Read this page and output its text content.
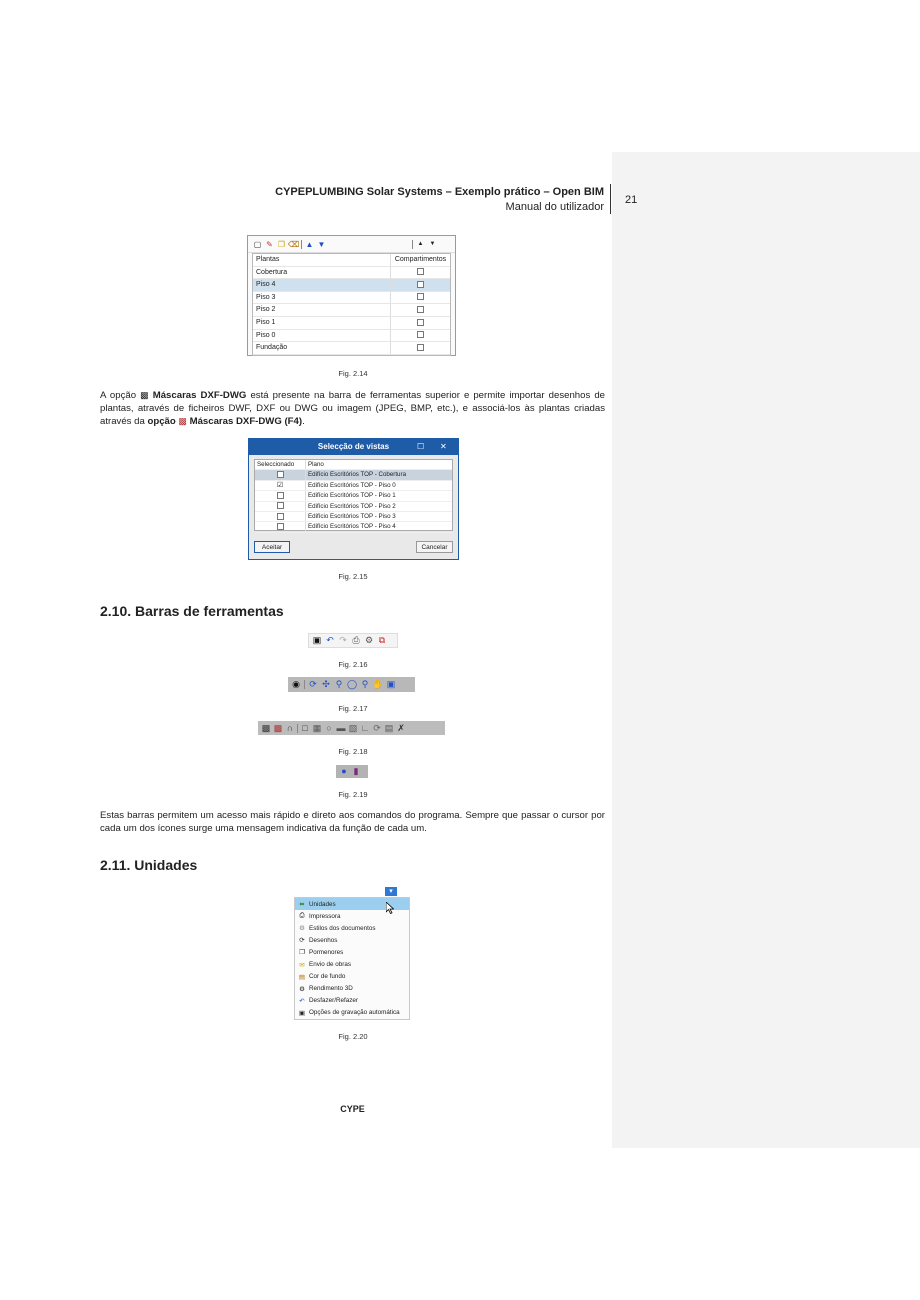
CYPEPLUMBING Solar Systems – Exemplo prático – Open BIM
Manual do utilizador
21
▢ ✎ ❐ ⌫ ▲ ▼	▲ ▼
Plantas	Compartimentos
Cobertura
Piso 4
Piso 3
Piso 2
Piso 1
Piso 0
Fundação
Fig. 2.14
A opção ▩ Máscaras DXF-DWG está presente na barra de ferramentas superior e permite importar desenhos de plantas, através de ficheiros DWF, DXF ou DWG ou imagem (JPEG, BMP, etc.), e associá-los às plantas criadas através da opção ▩ Máscaras DXF-DWG (F4).
Selecção de vistas	☐ ✕
Seleccionado	Plano
Edifício Escritórios TOP - Cobertura
☑	Edifício Escritórios TOP - Piso 0
Edifício Escritórios TOP - Piso 1
Edifício Escritórios TOP - Piso 2
Edifício Escritórios TOP - Piso 3
Edifício Escritórios TOP - Piso 4
Aceitar	Cancelar
Fig. 2.15
2.10. Barras de ferramentas
▣ ↶ ↷ ⎙ ⚙ ⧉
Fig. 2.16
◉ ⟳ ✣ ⚲ ◯ ⚲ ✋ ▣
Fig. 2.17
▩ ▩ ∩ □ ▦ ○ ▬ ▧ ∟ ⟳ ▤ ✗
Fig. 2.18
● ▮
Fig. 2.19
Estas barras permitem um acesso mais rápido e direto aos comandos do programa. Sempre que passar o cursor por cada um dos ícones surge uma mensagem indicativa da função de cada um.
2.11. Unidades
▾
⬌ Unidades
⎙ Impressora
⚙ Estilos dos documentos
⟳ Desenhos
❐ Pormenores
✉ Envio de obras
▤ Cor de fundo
⚙ Rendimento 3D
↶ Desfazer/Refazer
▣ Opções de gravação automática
Fig. 2.20
CYPE
